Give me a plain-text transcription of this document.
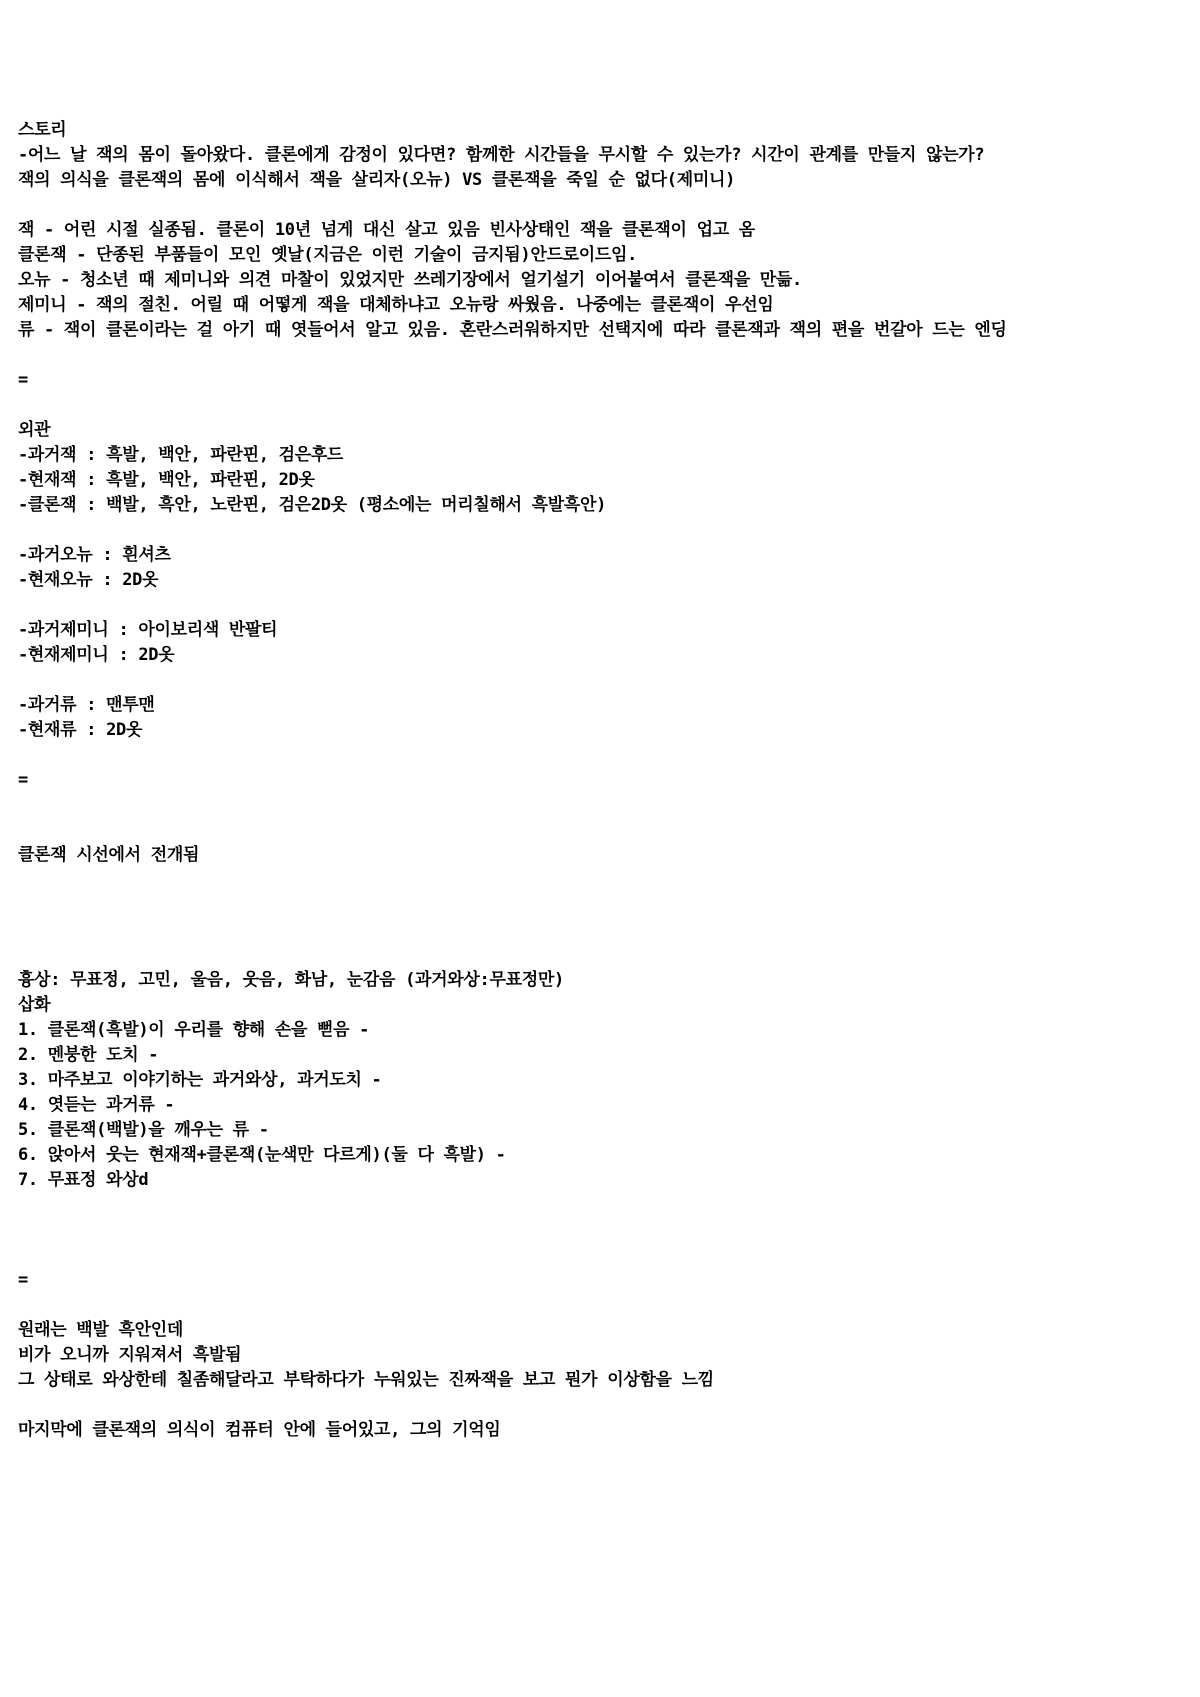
스토리
-어느 날 잭의 몸이 돌아왔다. 클론에게 감정이 있다면? 함께한 시간들을 무시할 수 있는가? 시간이 관계를 만들지 않는가?
잭의 의식을 클론잭의 몸에 이식해서 잭을 살리자(오뉴) VS 클론잭을 죽일 순 없다(제미니)
잭 - 어린 시절 실종됨. 클론이 10년 넘게 대신 살고 있음 빈사상태인 잭을 클론잭이 업고 옴
클론잭 - 단종된 부품들이 모인 옛날(지금은 이런 기술이 금지됨)안드로이드임.
오뉴 - 청소년 때 제미니와 의견 마찰이 있었지만 쓰레기장에서 얼기설기 이어붙여서 클론잭을 만듦.
제미니 - 잭의 절친. 어릴 때 어떻게 잭을 대체하냐고 오뉴랑 싸웠음. 나중에는 클론잭이 우선임
류 - 잭이 클론이라는 걸 아기 때 엿들어서 알고 있음. 혼란스러워하지만 선택지에 따라 클론잭과 잭의 편을 번갈아 드는 엔딩
=
외관
-과거잭 : 흑발, 백안, 파란핀, 검은후드
-현재잭 : 흑발, 백안, 파란핀, 2D옷
-클론잭 : 백발, 흑안, 노란핀, 검은2D옷 (평소에는 머리칠해서 흑발흑안)
-과거오뉴 : 흰셔츠
-현재오뉴 : 2D옷
-과거제미니 : 아이보리색 반팔티
-현재제미니 : 2D옷
-과거류 : 맨투맨
-현재류 : 2D옷
=
클론잭 시선에서 전개됨
흉상: 무표정, 고민, 울음, 웃음, 화남, 눈감음 (과거와상:무표정만)
삽화
1. 클론잭(흑발)이 우리를 향해 손을 뻗음 -
2. 멘붕한 도치 -
3. 마주보고 이야기하는 과거와상, 과거도치 -
4. 엿듣는 과거류 -
5. 클론잭(백발)을 깨우는 류 -
6. 앉아서 웃는 현재잭+클론잭(눈색만 다르게)(둘 다 흑발) -
7. 무표정 와상d
=
원래는 백발 흑안인데
비가 오니까 지워져서 흑발됨
그 상태로 와상한테 칠좀해달라고 부탁하다가 누워있는 진짜잭을 보고 뭔가 이상함을 느낌
마지막에 클론잭의 의식이 컴퓨터 안에 들어있고, 그의 기억임
